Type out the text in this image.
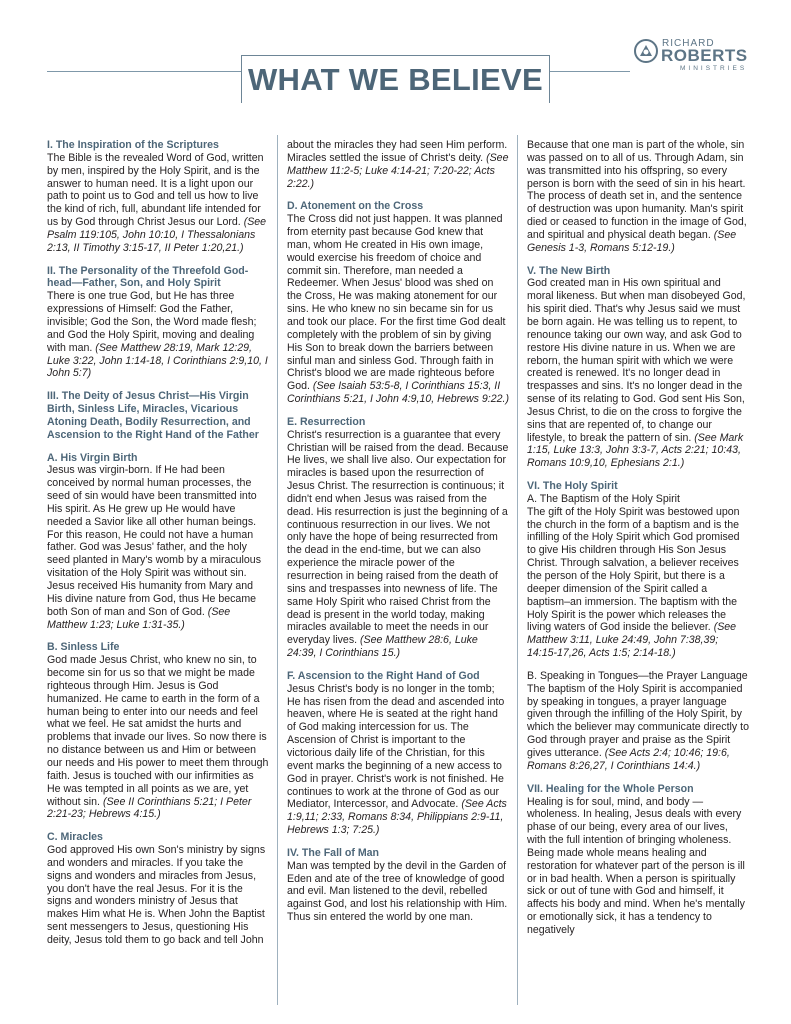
WHAT WE BELIEVE
RICHARD
ROBERTS
MINISTRIES
I. The Inspiration of the Scriptures
The Bible is the revealed Word of God, written by men, inspired by the Holy Spirit, and is the answer to human need. It is a light upon our path to point us to God and tell us how to live the kind of rich, full, abundant life intended for us by God through Christ Jesus our Lord. (See Psalm 119:105, John 10:10, I Thessalonians 2:13, II Timothy 3:15-17, II Peter 1:20,21.)
II. The Personality of the Threefold God-head—Father, Son, and Holy Spirit
There is one true God, but He has three expressions of Himself: God the Father, invisible; God the Son, the Word made flesh; and God the Holy Spirit, moving and dealing with man. (See Matthew 28:19, Mark 12:29, Luke 3:22, John 1:14-18, I Corinthians 2:9,10, I John 5:7)
III. The Deity of Jesus Christ—His Virgin Birth, Sinless Life, Miracles, Vicarious Atoning Death, Bodily Resurrection, and Ascension to the Right Hand of the Father
A. His Virgin Birth
Jesus was virgin-born. If He had been conceived by normal human processes, the seed of sin would have been transmitted into His spirit. As He grew up He would have needed a Savior like all other human beings. For this reason, He could not have a human father. God was Jesus' father, and the holy seed planted in Mary's womb by a miraculous visitation of the Holy Spirit was without sin. Jesus received His humanity from Mary and His divine nature from God, thus He became both Son of man and Son of God. (See Matthew 1:23; Luke 1:31-35.)
B. Sinless Life
God made Jesus Christ, who knew no sin, to become sin for us so that we might be made righteous through Him. Jesus is God humanized. He came to earth in the form of a human being to enter into our needs and feel what we feel. He sat amidst the hurts and problems that invade our lives. So now there is no distance between us and Him or between our needs and His power to meet them through faith. Jesus is touched with our infirmities as He was tempted in all points as we are, yet without sin. (See II Corinthians 5:21; I Peter 2:21-23; Hebrews 4:15.)
C. Miracles
God approved His own Son's ministry by signs and wonders and miracles. If you take the signs and wonders and miracles from Jesus, you don't have the real Jesus. For it is the signs and wonders ministry of Jesus that makes Him what He is. When John the Baptist sent messengers to Jesus, questioning His deity, Jesus told them to go back and tell John
about the miracles they had seen Him perform. Miracles settled the issue of Christ's deity. (See Matthew 11:2-5; Luke 4:14-21; 7:20-22; Acts 2:22.)
D. Atonement on the Cross
The Cross did not just happen. It was planned from eternity past because God knew that man, whom He created in His own image, would exercise his freedom of choice and commit sin. Therefore, man needed a Redeemer. When Jesus' blood was shed on the Cross, He was making atonement for our sins. He who knew no sin became sin for us and took our place. For the first time God dealt completely with the problem of sin by giving His Son to break down the barriers between sinful man and sinless God. Through faith in Christ's blood we are made righteous before God. (See Isaiah 53:5-8, I Corinthians 15:3, II Corinthians 5:21, I John 4:9,10, Hebrews 9:22.)
E. Resurrection
Christ's resurrection is a guarantee that every Christian will be raised from the dead. Because He lives, we shall live also. Our expectation for miracles is based upon the resurrection of Jesus Christ. The resurrection is continuous; it didn't end when Jesus was raised from the dead. His resurrection is just the beginning of a continuous resurrection in our lives. We not only have the hope of being resurrected from the dead in the end-time, but we can also experience the miracle power of the resurrection in being raised from the death of sins and trespasses into newness of life. The same Holy Spirit who raised Christ from the dead is present in the world today, making miracles available to meet the needs in our everyday lives. (See Matthew 28:6, Luke 24:39, I Corinthians 15.)
F. Ascension to the Right Hand of God
Jesus Christ's body is no longer in the tomb; He has risen from the dead and ascended into heaven, where He is seated at the right hand of God making intercession for us. The Ascension of Christ is important to the victorious daily life of the Christian, for this event marks the beginning of a new access to God in prayer. Christ's work is not finished. He continues to work at the throne of God as our Mediator, Intercessor, and Advocate. (See Acts 1:9,11; 2:33, Romans 8:34, Philippians 2:9-11, Hebrews 1:3; 7:25.)
IV. The Fall of Man
Man was tempted by the devil in the Garden of Eden and ate of the tree of knowledge of good and evil. Man listened to the devil, rebelled against God, and lost his relationship with Him. Thus sin entered the world by one man.
Because that one man is part of the whole, sin was passed on to all of us. Through Adam, sin was transmitted into his offspring, so every person is born with the seed of sin in his heart. The process of death set in, and the sentence of destruction was upon humanity. Man's spirit died or ceased to function in the image of God, and spiritual and physical death began. (See Genesis 1-3, Romans 5:12-19.)
V. The New Birth
God created man in His own spiritual and moral likeness. But when man disobeyed God, his spirit died. That's why Jesus said we must be born again. He was telling us to repent, to renounce taking our own way, and ask God to restore His divine nature in us. When we are reborn, the human spirit with which we were created is renewed. It's no longer dead in trespasses and sins. It's no longer dead in the sense of its relating to God. God sent His Son, Jesus Christ, to die on the cross to forgive the sins that are repented of, to change our lifestyle, to break the pattern of sin. (See Mark 1:15, Luke 13:3, John 3:3-7, Acts 2:21; 10:43, Romans 10:9,10, Ephesians 2:1.)
VI. The Holy Spirit
A. The Baptism of the Holy Spirit
The gift of the Holy Spirit was bestowed upon the church in the form of a baptism and is the infilling of the Holy Spirit which God promised to give His children through His Son Jesus Christ. Through salvation, a believer receives the person of the Holy Spirit, but there is a deeper dimension of the Spirit called a baptism–an immersion. The baptism with the Holy Spirit is the power which releases the living waters of God inside the believer. (See Matthew 3:11, Luke 24:49, John 7:38,39; 14:15-17,26, Acts 1:5; 2:14-18.)
B. Speaking in Tongues—the Prayer Language
The baptism of the Holy Spirit is accompanied by speaking in tongues, a prayer language given through the infilling of the Holy Spirit, by which the believer may communicate directly to God through prayer and praise as the Spirit gives utterance. (See Acts 2:4; 10:46; 19:6, Romans 8:26,27, I Corinthians 14:4.)
VII. Healing for the Whole Person
Healing is for soul, mind, and body — wholeness. In healing, Jesus deals with every phase of our being, every area of our lives, with the full intention of bringing wholeness. Being made whole means healing and restoration for whatever part of the person is ill or in bad health. When a person is spiritually sick or out of tune with God and himself, it affects his body and mind. When he's mentally or emotionally sick, it has a tendency to negatively
